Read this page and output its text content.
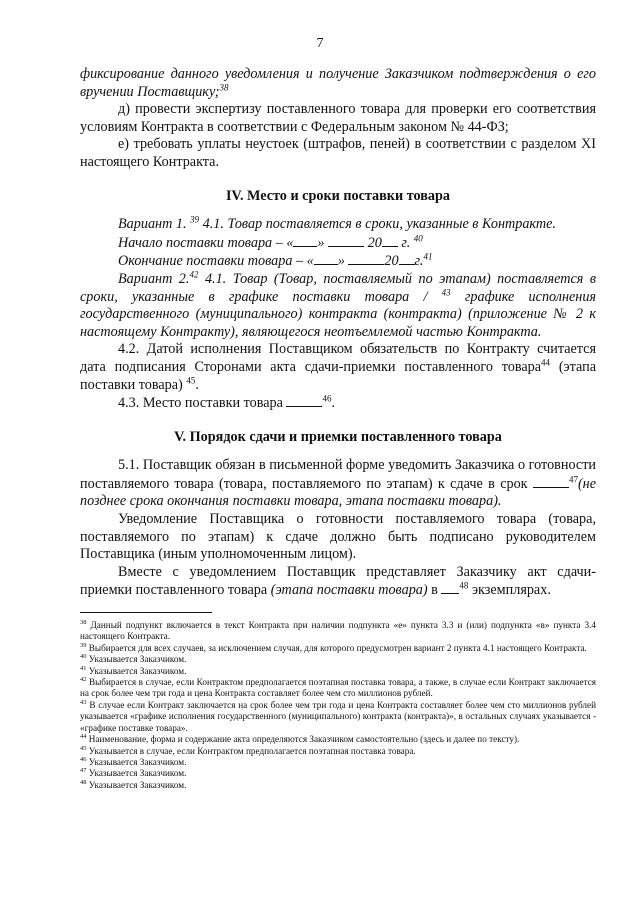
7

фиксирование данного уведомления и получение Заказчиком подтверждения о его вручении Поставщику;$^{38}$

д) провести экспертизу поставленного товара для проверки его соответствия условиям Контракта в соответствии с Федеральным законом № 44-ФЗ;

е) требовать уплаты неустоек (штрафов, пеней) в соответствии с разделом XI настоящего Контракта.

IV. Место и сроки поставки товара

Вариант 1. $^{39}$ 4.1. Товар поставляется в сроки, указанные в Контракте.

Начало поставки товара – « »	20 г. $^{40}$

Окончание поставки товара – « »	20 г.$^{41}$

Вариант 2.42 4.1. Товар (Товар, поставляемый по этапам) поставляется в сроки, указанные в графике поставки товара / $^{43}$ графике исполнения государственного (муниципального) контракта (контракта) (приложение № 2 к настоящему Контракту), являющегося неотъемлемой частью Контракта.

4.2. Датой исполнения Поставщиком обязательств по Контракту считается дата подписания Сторонами акта сдачи-приемки поставленного товара$^{44}$ (этапа поставки товара) $^{45}$.

4.3. Место поставки товара	$^{46}$.

V. Порядок сдачи и приемки поставленного товара

5.1. Поставщик обязан в письменной форме уведомить Заказчика о готовности поставляемого товара (товара, поставляемого по этапам) к сдаче в срок	$^{47}$(не позднее срока окончания поставки товара, этапа поставки товара).

Уведомление Поставщика о готовности поставляемого товара (товара, поставляемого по этапам) к сдаче должно быть подписано руководителем Поставщика (иным уполномоченным лицом).

Вместе с уведомлением Поставщик представляет Заказчику акт сдачи-приемки поставленного товара (этапа поставки товара) в $^{48}$ экземплярах.

$^{38}$ Данный подпункт включается в текст Контракта при наличии подпункта «е» пункта 3.3 и (или) подпункта «в» пункта 3.4 настоящего Контракта.

$^{39}$ Выбирается для всех случаев, за исключением случая, для которого предусмотрен вариант 2 пункта 4.1 настоящего Контракта.

$^{40}$ Указывается Заказчиком.

$^{41}$ Указывается Заказчиком.

$^{42}$ Выбирается в случае, если Контрактом предполагается поэтапная поставка товара, а также, в случае если Контракт заключается на срок более чем три года и цена Контракта составляет более чем сто миллионов рублей.

$^{43}$ В случае если Контракт заключается на срок более чем три года и цена Контракта составляет более чем сто миллионов рублей указывается «графике исполнения государственного (муниципального) контракта (контракта)», в остальных случаях указывается - «графике поставке товара».

$^{44}$ Наименование, форма и содержание акта определяются Заказчиком самостоятельно (здесь и далее по тексту).

$^{45}$ Указывается в случае, если Контрактом предполагается поэтапная поставка товара.

$^{46}$ Указывается Заказчиком.

$^{47}$ Указывается Заказчиком.

$^{48}$ Указывается Заказчиком.
